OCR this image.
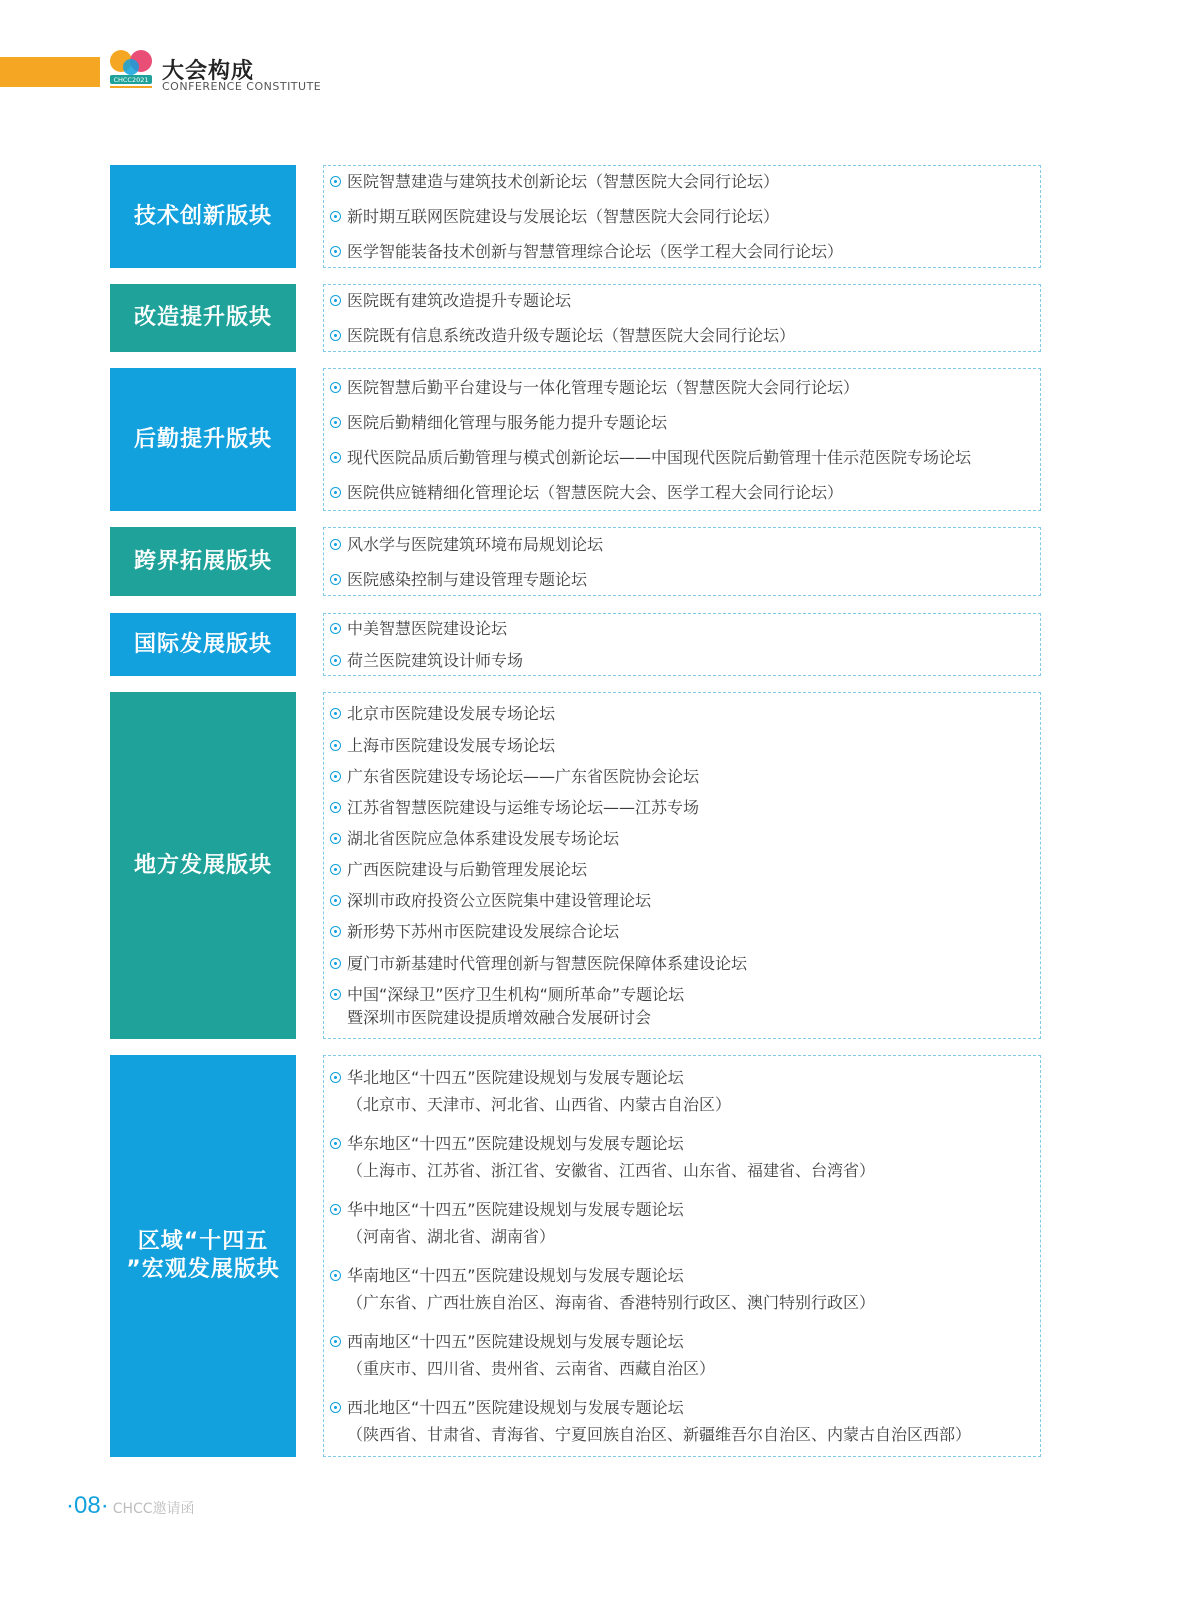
CHCC2021 大会构成
CONFERENCE CONSTITUTE
技术创新版块
医院智慧建造与建筑技术创新论坛（智慧医院大会同行论坛）
新时期互联网医院建设与发展论坛（智慧医院大会同行论坛）
医学智能装备技术创新与智慧管理综合论坛（医学工程大会同行论坛）
改造提升版块
医院既有建筑改造提升专题论坛
医院既有信息系统改造升级专题论坛（智慧医院大会同行论坛）
后勤提升版块
医院智慧后勤平台建设与一体化管理专题论坛（智慧医院大会同行论坛）
医院后勤精细化管理与服务能力提升专题论坛
现代医院品质后勤管理与模式创新论坛——中国现代医院后勤管理十佳示范医院专场论坛
医院供应链精细化管理论坛（智慧医院大会、医学工程大会同行论坛）
跨界拓展版块
风水学与医院建筑环境布局规划论坛
医院感染控制与建设管理专题论坛
国际发展版块
中美智慧医院建设论坛
荷兰医院建筑设计师专场
地方发展版块
北京市医院建设发展专场论坛
上海市医院建设发展专场论坛
广东省医院建设专场论坛——广东省医院协会论坛
江苏省智慧医院建设与运维专场论坛——江苏专场
湖北省医院应急体系建设发展专场论坛
广西医院建设与后勤管理发展论坛
深圳市政府投资公立医院集中建设管理论坛
新形势下苏州市医院建设发展综合论坛
厦门市新基建时代管理创新与智慧医院保障体系建设论坛
中国“深绿卫”医疗卫生机构“厕所革命”专题论坛
暨深圳市医院建设提质增效融合发展研讨会
区域“十四五
”宏观发展版块
华北地区“十四五”医院建设规划与发展专题论坛
（北京市、天津市、河北省、山西省、内蒙古自治区）
华东地区“十四五”医院建设规划与发展专题论坛
（上海市、江苏省、浙江省、安徽省、江西省、山东省、福建省、台湾省）
华中地区“十四五”医院建设规划与发展专题论坛
（河南省、湖北省、湖南省）
华南地区“十四五”医院建设规划与发展专题论坛
（广东省、广西壮族自治区、海南省、香港特别行政区、澳门特别行政区）
西南地区“十四五”医院建设规划与发展专题论坛
（重庆市、四川省、贵州省、云南省、西藏自治区）
西北地区“十四五”医院建设规划与发展专题论坛
（陕西省、甘肃省、青海省、宁夏回族自治区、新疆维吾尔自治区、内蒙古自治区西部）
·08· CHCC邀请函
